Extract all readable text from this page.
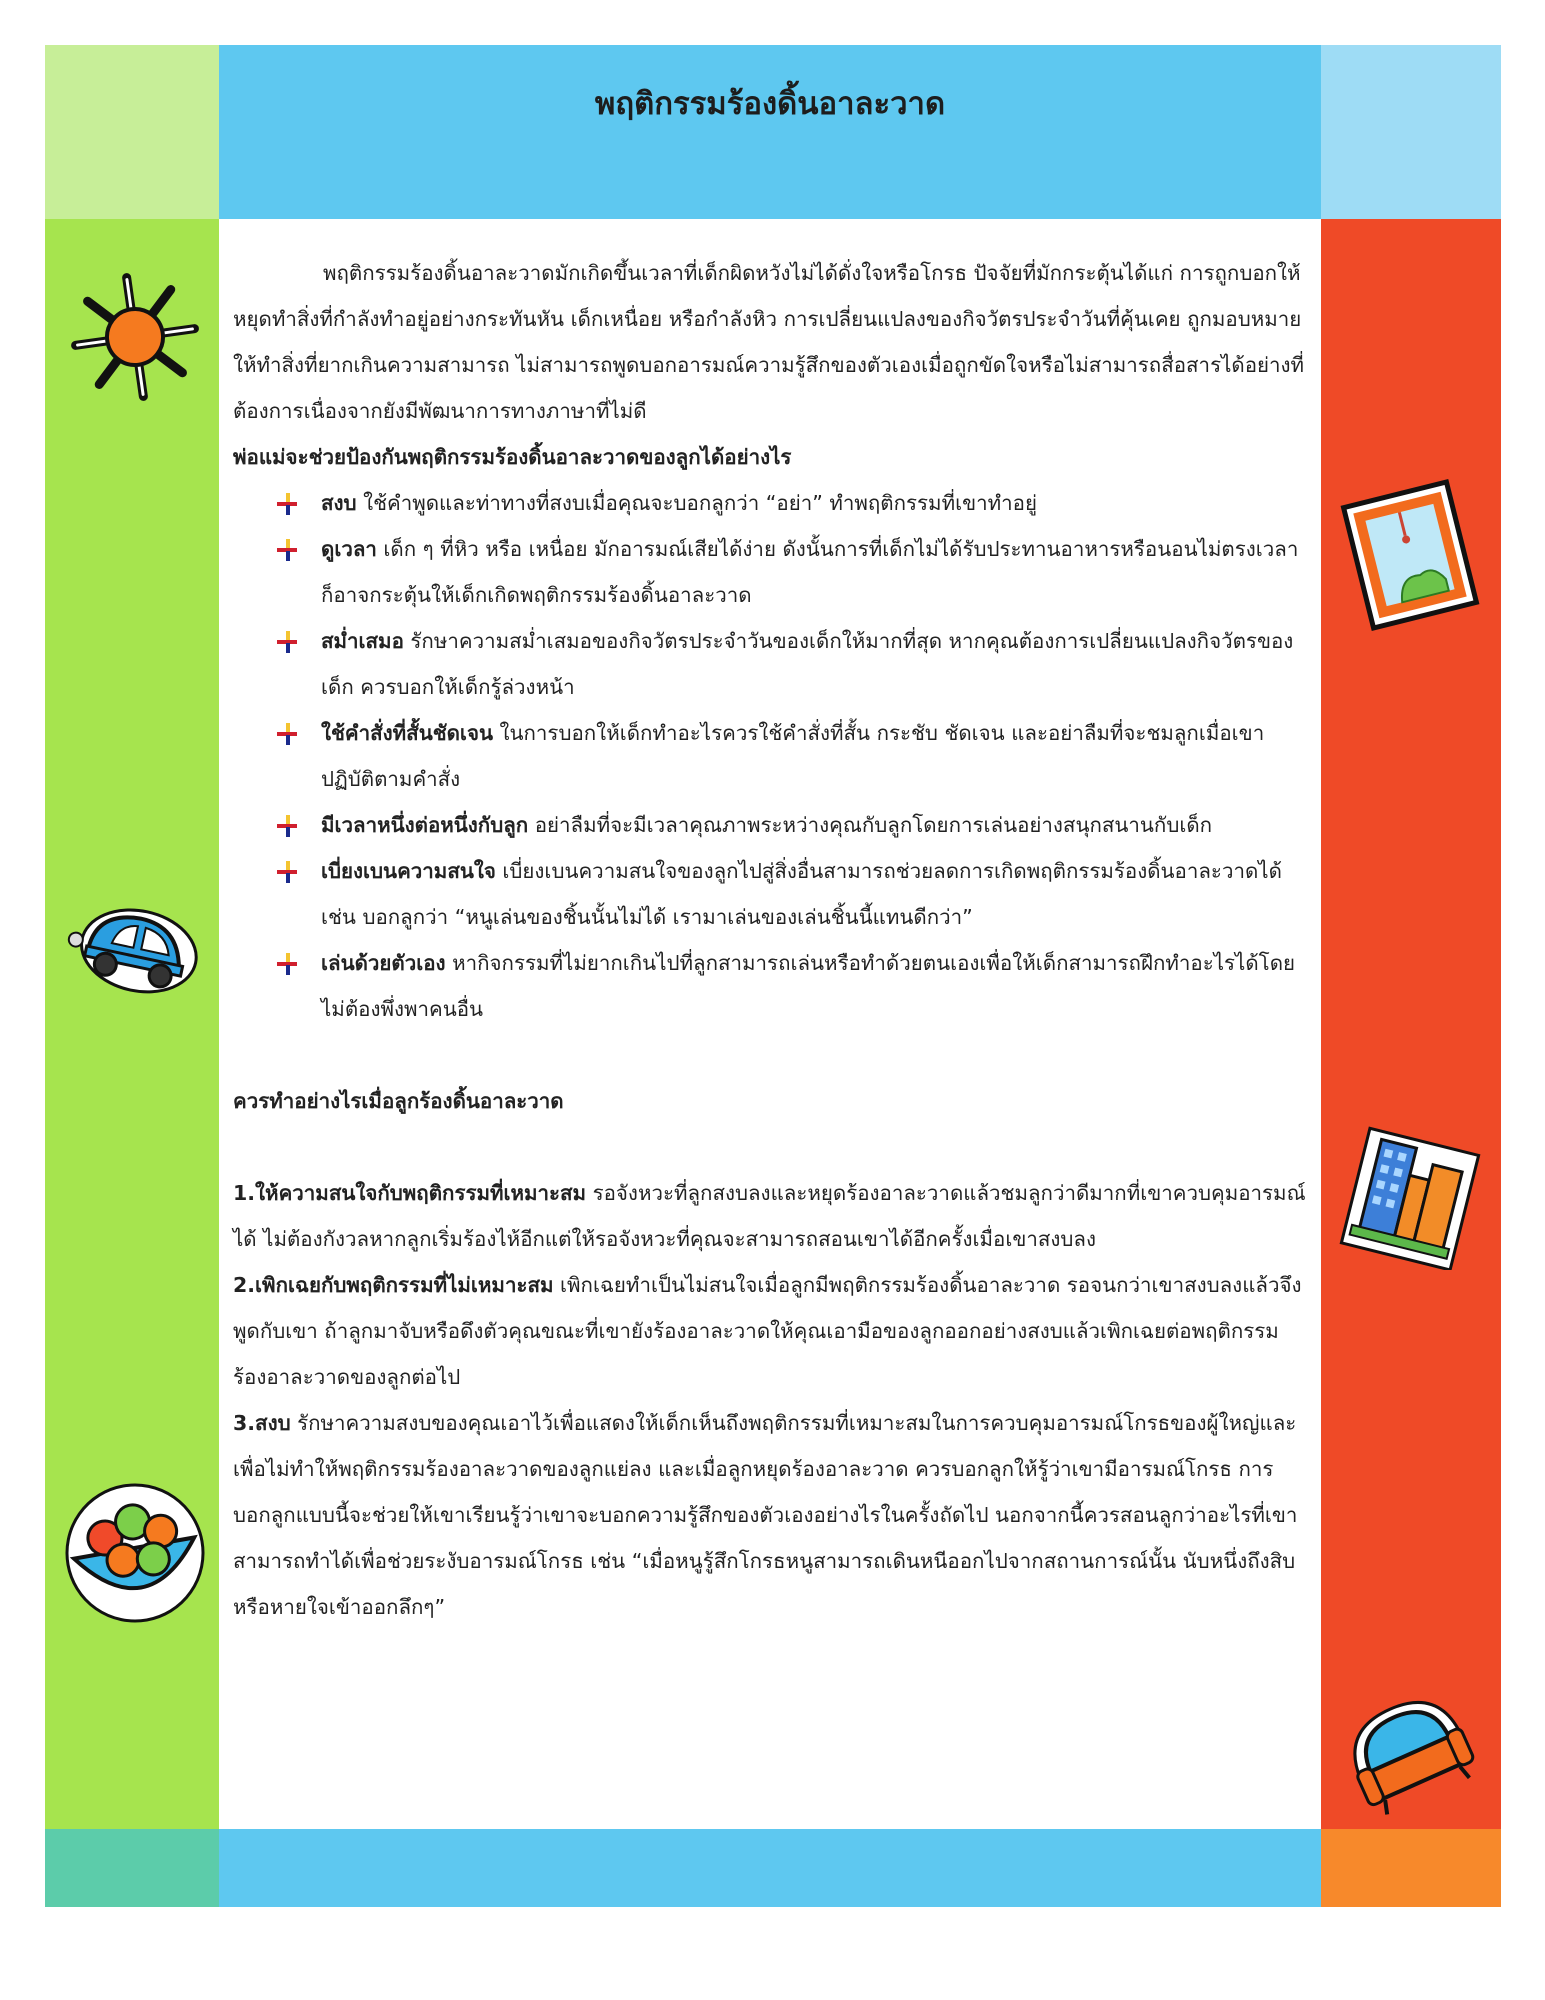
พฤติกรรมร้องดิ้นอาละวาด

พฤติกรรมร้องดิ้นอาละวาดมักเกิดขึ้นเวลาที่เด็กผิดหวังไม่ได้ดั่งใจหรือโกรธ ปัจจัยที่มักกระตุ้นได้แก่ การถูกบอกให้หยุดทำสิ่งที่กำลังทำอยู่อย่างกระทันหัน เด็กเหนื่อย หรือกำลังหิว การเปลี่ยนแปลงของกิจวัตรประจำวันที่คุ้นเคย ถูกมอบหมายให้ทำสิ่งที่ยากเกินความสามารถ ไม่สามารถพูดบอกอารมณ์ความรู้สึกของตัวเองเมื่อถูกขัดใจหรือไม่สามารถสื่อสารได้อย่างที่ต้องการเนื่องจากยังมีพัฒนาการทางภาษาที่ไม่ดี

พ่อแม่จะช่วยป้องกันพฤติกรรมร้องดิ้นอาละวาดของลูกได้อย่างไร

สงบ ใช้คำพูดและท่าทางที่สงบเมื่อคุณจะบอกลูกว่า “อย่า” ทำพฤติกรรมที่เขาทำอยู่
ดูเวลา เด็ก ๆ ที่หิว หรือ เหนื่อย มักอารมณ์เสียได้ง่าย ดังนั้นการที่เด็กไม่ได้รับประทานอาหารหรือนอนไม่ตรงเวลาก็อาจกระตุ้นให้เด็กเกิดพฤติกรรมร้องดิ้นอาละวาด
สม่ำเสมอ รักษาความสม่ำเสมอของกิจวัตรประจำวันของเด็กให้มากที่สุด หากคุณต้องการเปลี่ยนแปลงกิจวัตรของเด็ก ควรบอกให้เด็กรู้ล่วงหน้า
ใช้คำสั่งที่สั้นชัดเจน ในการบอกให้เด็กทำอะไรควรใช้คำสั่งที่สั้น กระชับ ชัดเจน และอย่าลืมที่จะชมลูกเมื่อเขาปฏิบัติตามคำสั่ง
มีเวลาหนึ่งต่อหนึ่งกับลูก อย่าลืมที่จะมีเวลาคุณภาพระหว่างคุณกับลูกโดยการเล่นอย่างสนุกสนานกับเด็ก
เบี่ยงเบนความสนใจ เบี่ยงเบนความสนใจของลูกไปสู่สิ่งอื่นสามารถช่วยลดการเกิดพฤติกรรมร้องดิ้นอาละวาดได้ เช่น บอกลูกว่า “หนูเล่นของชิ้นนั้นไม่ได้ เรามาเล่นของเล่นชิ้นนี้แทนดีกว่า”
เล่นด้วยตัวเอง หากิจกรรมที่ไม่ยากเกินไปที่ลูกสามารถเล่นหรือทำด้วยตนเองเพื่อให้เด็กสามารถฝึกทำอะไรได้โดยไม่ต้องพึ่งพาคนอื่น

ควรทำอย่างไรเมื่อลูกร้องดิ้นอาละวาด

1.ให้ความสนใจกับพฤติกรรมที่เหมาะสม รอจังหวะที่ลูกสงบลงและหยุดร้องอาละวาดแล้วชมลูกว่าดีมากที่เขาควบคุมอารมณ์ได้ ไม่ต้องกังวลหากลูกเริ่มร้องไห้อีกแต่ให้รอจังหวะที่คุณจะสามารถสอนเขาได้อีกครั้งเมื่อเขาสงบลง

2.เพิกเฉยกับพฤติกรรมที่ไม่เหมาะสม เพิกเฉยทำเป็นไม่สนใจเมื่อลูกมีพฤติกรรมร้องดิ้นอาละวาด รอจนกว่าเขาสงบลงแล้วจึงพูดกับเขา ถ้าลูกมาจับหรือดึงตัวคุณขณะที่เขายังร้องอาละวาดให้คุณเอามือของลูกออกอย่างสงบแล้วเพิกเฉยต่อพฤติกรรมร้องอาละวาดของลูกต่อไป

3.สงบ รักษาความสงบของคุณเอาไว้เพื่อแสดงให้เด็กเห็นถึงพฤติกรรมที่เหมาะสมในการควบคุมอารมณ์โกรธของผู้ใหญ่และเพื่อไม่ทำให้พฤติกรรมร้องอาละวาดของลูกแย่ลง และเมื่อลูกหยุดร้องอาละวาด ควรบอกลูกให้รู้ว่าเขามีอารมณ์โกรธ การบอกลูกแบบนี้จะช่วยให้เขาเรียนรู้ว่าเขาจะบอกความรู้สึกของตัวเองอย่างไรในครั้งถัดไป นอกจากนี้ควรสอนลูกว่าอะไรที่เขาสามารถทำได้เพื่อช่วยระงับอารมณ์โกรธ เช่น “เมื่อหนูรู้สึกโกรธหนูสามารถเดินหนีออกไปจากสถานการณ์นั้น นับหนึ่งถึงสิบ หรือหายใจเข้าออกลึกๆ”
